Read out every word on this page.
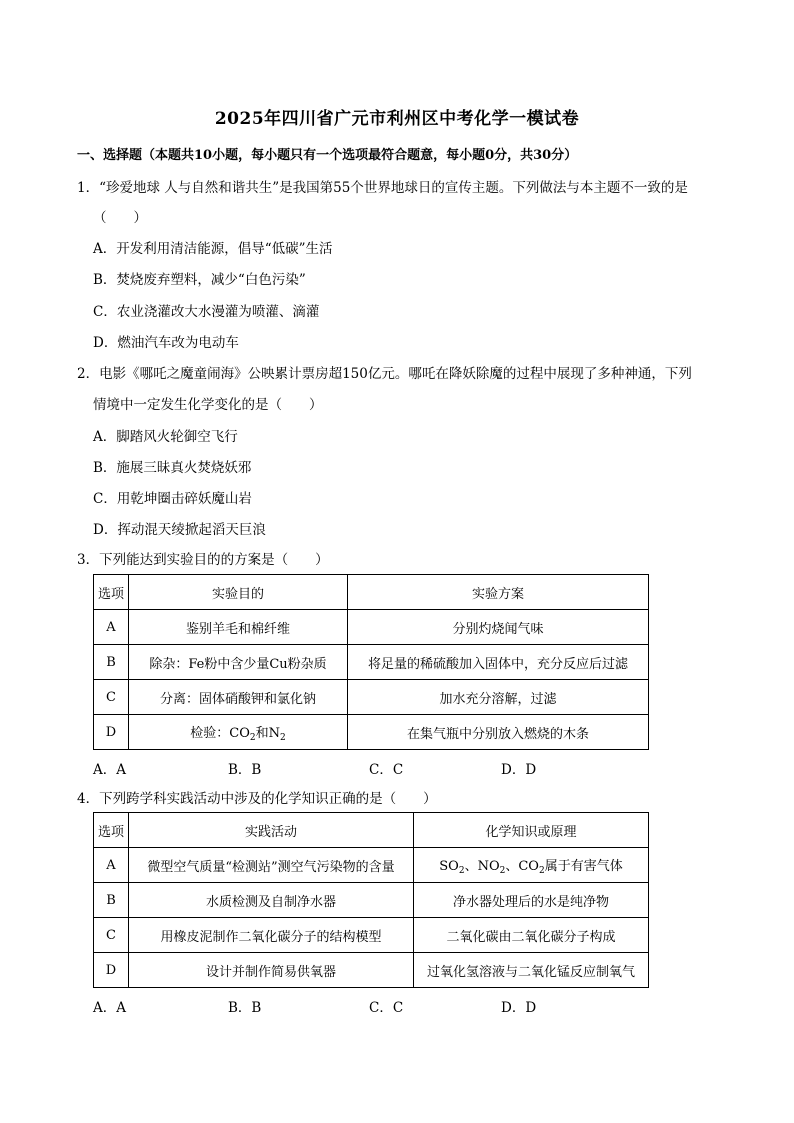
2025年四川省广元市利州区中考化学一模试卷
一、选择题（本题共10小题，每小题只有一个选项最符合题意，每小题0分，共30分）
1．“珍爱地球 人与自然和谐共生”是我国第55个世界地球日的宣传主题。下列做法与本主题不一致的是
（　　）
A．开发利用清洁能源，倡导“低碳”生活
B．焚烧废弃塑料，减少“白色污染”
C．农业浇灌改大水漫灌为喷灌、滴灌
D．燃油汽车改为电动车
2．电影《哪吒之魔童闹海》公映累计票房超150亿元。哪吒在降妖除魔的过程中展现了多种神通，下列
情境中一定发生化学变化的是（　　）
A．脚踏风火轮御空飞行
B．施展三昧真火焚烧妖邪
C．用乾坤圈击碎妖魔山岩
D．挥动混天绫掀起滔天巨浪
3．下列能达到实验目的的方案是（　　）
选项	实验目的	实验方案
A	鉴别羊毛和棉纤维	分别灼烧闻气味
B	除杂：Fe粉中含少量Cu粉杂质	将足量的稀硫酸加入固体中，充分反应后过滤
C	分离：固体硝酸钾和氯化钠	加水充分溶解，过滤
D	检验：$CO_2$和$N_2$	在集气瓶中分别放入燃烧的木条
A．A	B．B	C．C	D．D
4．下列跨学科实践活动中涉及的化学知识正确的是（　　）
选项	实践活动	化学知识或原理
A	微型空气质量“检测站”测空气污染物的含量	$SO_2$、$NO_2$、$CO_2$属于有害气体
B	水质检测及自制净水器	净水器处理后的水是纯净物
C	用橡皮泥制作二氧化碳分子的结构模型	二氧化碳由二氧化碳分子构成
D	设计并制作简易供氧器	过氧化氢溶液与二氧化锰反应制氧气
A．A	B．B	C．C	D．D
